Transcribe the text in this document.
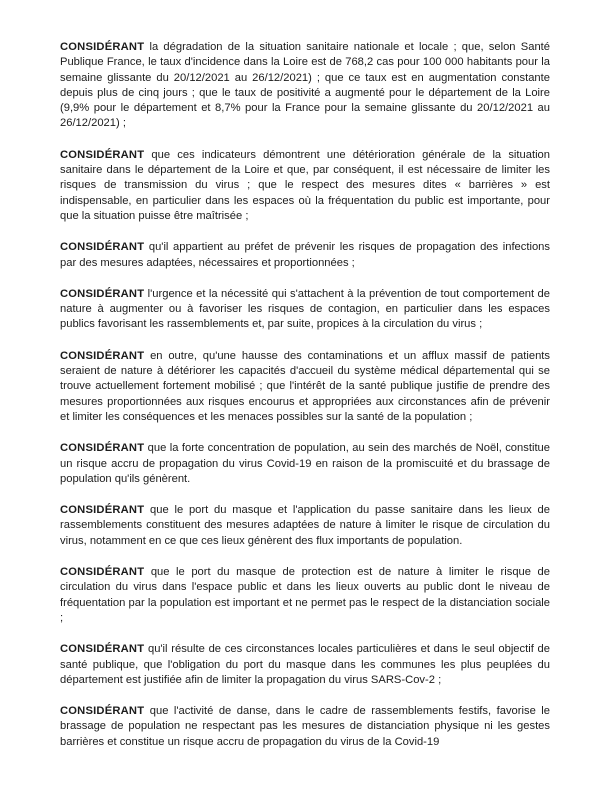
CONSIDÉRANT la dégradation de la situation sanitaire nationale et locale ; que, selon Santé Publique France, le taux d'incidence dans la Loire est de 768,2 cas pour 100 000 habitants pour la semaine glissante du 20/12/2021 au 26/12/2021) ; que ce taux est en augmentation constante depuis plus de cinq jours ; que le taux de positivité a augmenté pour le département de la Loire (9,9% pour le département et 8,7% pour la France pour la semaine glissante du 20/12/2021 au 26/12/2021) ;

CONSIDÉRANT que ces indicateurs démontrent une détérioration générale de la situation sanitaire dans le département de la Loire et que, par conséquent, il est nécessaire de limiter les risques de transmission du virus ; que le respect des mesures dites « barrières » est indispensable, en particulier dans les espaces où la fréquentation du public est importante, pour que la situation puisse être maîtrisée ;

CONSIDÉRANT qu'il appartient au préfet de prévenir les risques de propagation des infections par des mesures adaptées, nécessaires et proportionnées ;

CONSIDÉRANT l'urgence et la nécessité qui s'attachent à la prévention de tout comportement de nature à augmenter ou à favoriser les risques de contagion, en particulier dans les espaces publics favorisant les rassemblements et, par suite, propices à la circulation du virus ;

CONSIDÉRANT en outre, qu'une hausse des contaminations et un afflux massif de patients seraient de nature à détériorer les capacités d'accueil du système médical départemental qui se trouve actuellement fortement mobilisé ; que l'intérêt de la santé publique justifie de prendre des mesures proportionnées aux risques encourus et appropriées aux circonstances afin de prévenir et limiter les conséquences et les menaces possibles sur la santé de la population ;

CONSIDÉRANT que la forte concentration de population, au sein des marchés de Noël, constitue un risque accru de propagation du virus Covid-19 en raison de la promiscuité et du brassage de population qu'ils génèrent.

CONSIDÉRANT que le port du masque et l'application du passe sanitaire dans les lieux de rassemblements constituent des mesures adaptées de nature à limiter le risque de circulation du virus, notamment en ce que ces lieux génèrent des flux importants de population.

CONSIDÉRANT que le port du masque de protection est de nature à limiter le risque de circulation du virus dans l'espace public et dans les lieux ouverts au public dont le niveau de fréquentation par la population est important et ne permet pas le respect de la distanciation sociale ;

CONSIDÉRANT qu'il résulte de ces circonstances locales particulières et dans le seul objectif de santé publique, que l'obligation du port du masque dans les communes les plus peuplées du département est justifiée afin de limiter la propagation du virus SARS-Cov-2 ;

CONSIDÉRANT que l'activité de danse, dans le cadre de rassemblements festifs, favorise le brassage de population ne respectant pas les mesures de distanciation physique ni les gestes barrières et constitue un risque accru de propagation du virus de la Covid-19
